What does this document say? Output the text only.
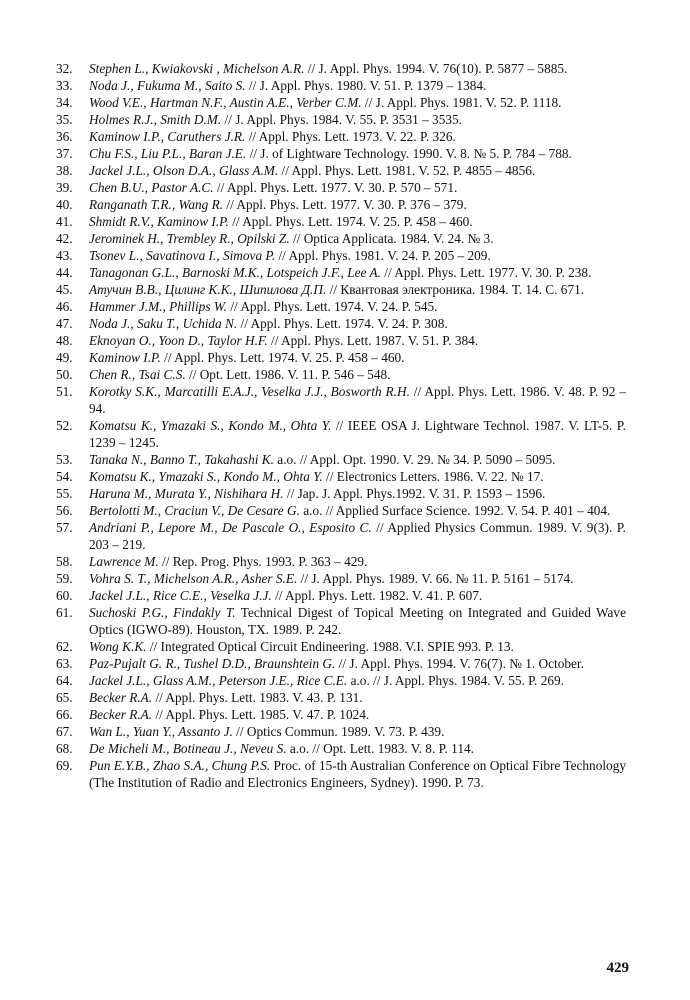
32. Stephen L., Kwiakovski , Michelson A.R. // J. Appl. Phys. 1994. V. 76(10). P. 5877 – 5885.
33. Noda J., Fukuma M., Saito S. // J. Appl. Phys. 1980. V. 51. P. 1379 – 1384.
34. Wood V.E., Hartman N.F., Austin A.E., Verber C.M. // J. Appl. Phys. 1981. V. 52. P. 1118.
35. Holmes R.J., Smith D.M. // J. Appl. Phys. 1984. V. 55. P. 3531 – 3535.
36. Kaminow I.P., Caruthers J.R. // Appl. Phys. Lett. 1973. V. 22. P. 326.
37. Chu F.S., Liu P.L., Baran J.E. // J. of Lightware Technology. 1990. V. 8. № 5. P. 784 – 788.
38. Jackel J.L., Olson D.A., Glass A.M. // Appl. Phys. Lett. 1981. V. 52. P. 4855 – 4856.
39. Chen B.U., Pastor A.C. // Appl. Phys. Lett. 1977. V. 30. P. 570 – 571.
40. Ranganath T.R., Wang R. // Appl. Phys. Lett. 1977. V. 30. P. 376 – 379.
41. Shmidt R.V., Kaminow I.P. // Appl. Phys. Lett. 1974. V. 25. P. 458 – 460.
42. Jerominek H., Trembley R., Opilski Z. // Optica Applicata. 1984. V. 24. № 3.
43. Tsonev L., Savatinova I., Simova P. // Appl. Phys. 1981. V. 24. P. 205 – 209.
44. Tanagonan G.L., Barnoski M.K., Lotspeich J.F., Lee A. // Appl. Phys. Lett. 1977. V. 30. P. 238.
45. Атучин В.В., Цилинг К.К., Шипилова Д.П. // Квантовая электроника. 1984. Т. 14. С. 671.
46. Hammer J.M., Phillips W. // Appl. Phys. Lett. 1974. V. 24. P. 545.
47. Noda J., Saku T., Uchida N. // Appl. Phys. Lett. 1974. V. 24. P. 308.
48. Eknoyan O., Yoon D., Taylor H.F. // Appl. Phys. Lett. 1987. V. 51. P. 384.
49. Kaminow I.P. // Appl. Phys. Lett. 1974. V. 25. P. 458 – 460.
50. Chen R., Tsai C.S. // Opt. Lett. 1986. V. 11. P. 546 – 548.
51. Korotky S.K., Marcatilli E.A.J., Veselka J.J., Bosworth R.H. // Appl. Phys. Lett. 1986. V. 48. P. 92 – 94.
52. Komatsu K., Ymazaki S., Kondo M., Ohta Y. // IEEE OSA J. Lightware Technol. 1987. V. LT-5. P. 1239 – 1245.
53. Tanaka N., Banno T., Takahashi K. a.o. // Appl. Opt. 1990. V. 29. № 34. P. 5090 – 5095.
54. Komatsu K., Ymazaki S., Kondo M., Ohta Y. // Electronics Letters. 1986. V. 22. № 17.
55. Haruna M., Murata Y., Nishihara H. // Jap. J. Appl. Phys.1992. V. 31. P. 1593 – 1596.
56. Bertolotti M., Craciun V., De Cesare G. a.o. // Applied Surface Science. 1992. V. 54. P. 401 – 404.
57. Andriani P., Lepore M., De Pascale O., Esposito C. // Applied Physics Commun. 1989. V. 9(3). P. 203 – 219.
58. Lawrence M. // Rep. Prog. Phys. 1993. P. 363 – 429.
59. Vohra S. T., Michelson A.R., Asher S.E. // J. Appl. Phys. 1989. V. 66. № 11. P. 5161 – 5174.
60. Jackel J.L., Rice C.E., Veselka J.J. // Appl. Phys. Lett. 1982. V. 41. P. 607.
61. Suchoski P.G., Findakly T. Technical Digest of Topical Meeting on Integrated and Guided Wave Optics (IGWO-89). Houston, TX. 1989. P. 242.
62. Wong K.K. // Integrated Optical Circuit Endineering. 1988. V.I. SPIE 993. P. 13.
63. Paz-Pujalt G. R., Tushel D.D., Braunshtein G. // J. Appl. Phys. 1994. V. 76(7). № 1. October.
64. Jackel J.L., Glass A.M., Peterson J.E., Rice C.E. a.o. // J. Appl. Phys. 1984. V. 55. P. 269.
65. Becker R.A. // Appl. Phys. Lett. 1983. V. 43. P. 131.
66. Becker R.A. // Appl. Phys. Lett. 1985. V. 47. P. 1024.
67. Wan L., Yuan Y., Assanto J. // Optics Commun. 1989. V. 73. P. 439.
68. De Micheli M., Botineau J., Neveu S. a.o. // Opt. Lett. 1983. V. 8. P. 114.
69. Pun E.Y.B., Zhao S.A., Chung P.S. Proc. of 15-th Australian Conference on Optical Fibre Technology (The Institution of Radio and Electronics Engineers, Sydney). 1990. P. 73.
429
